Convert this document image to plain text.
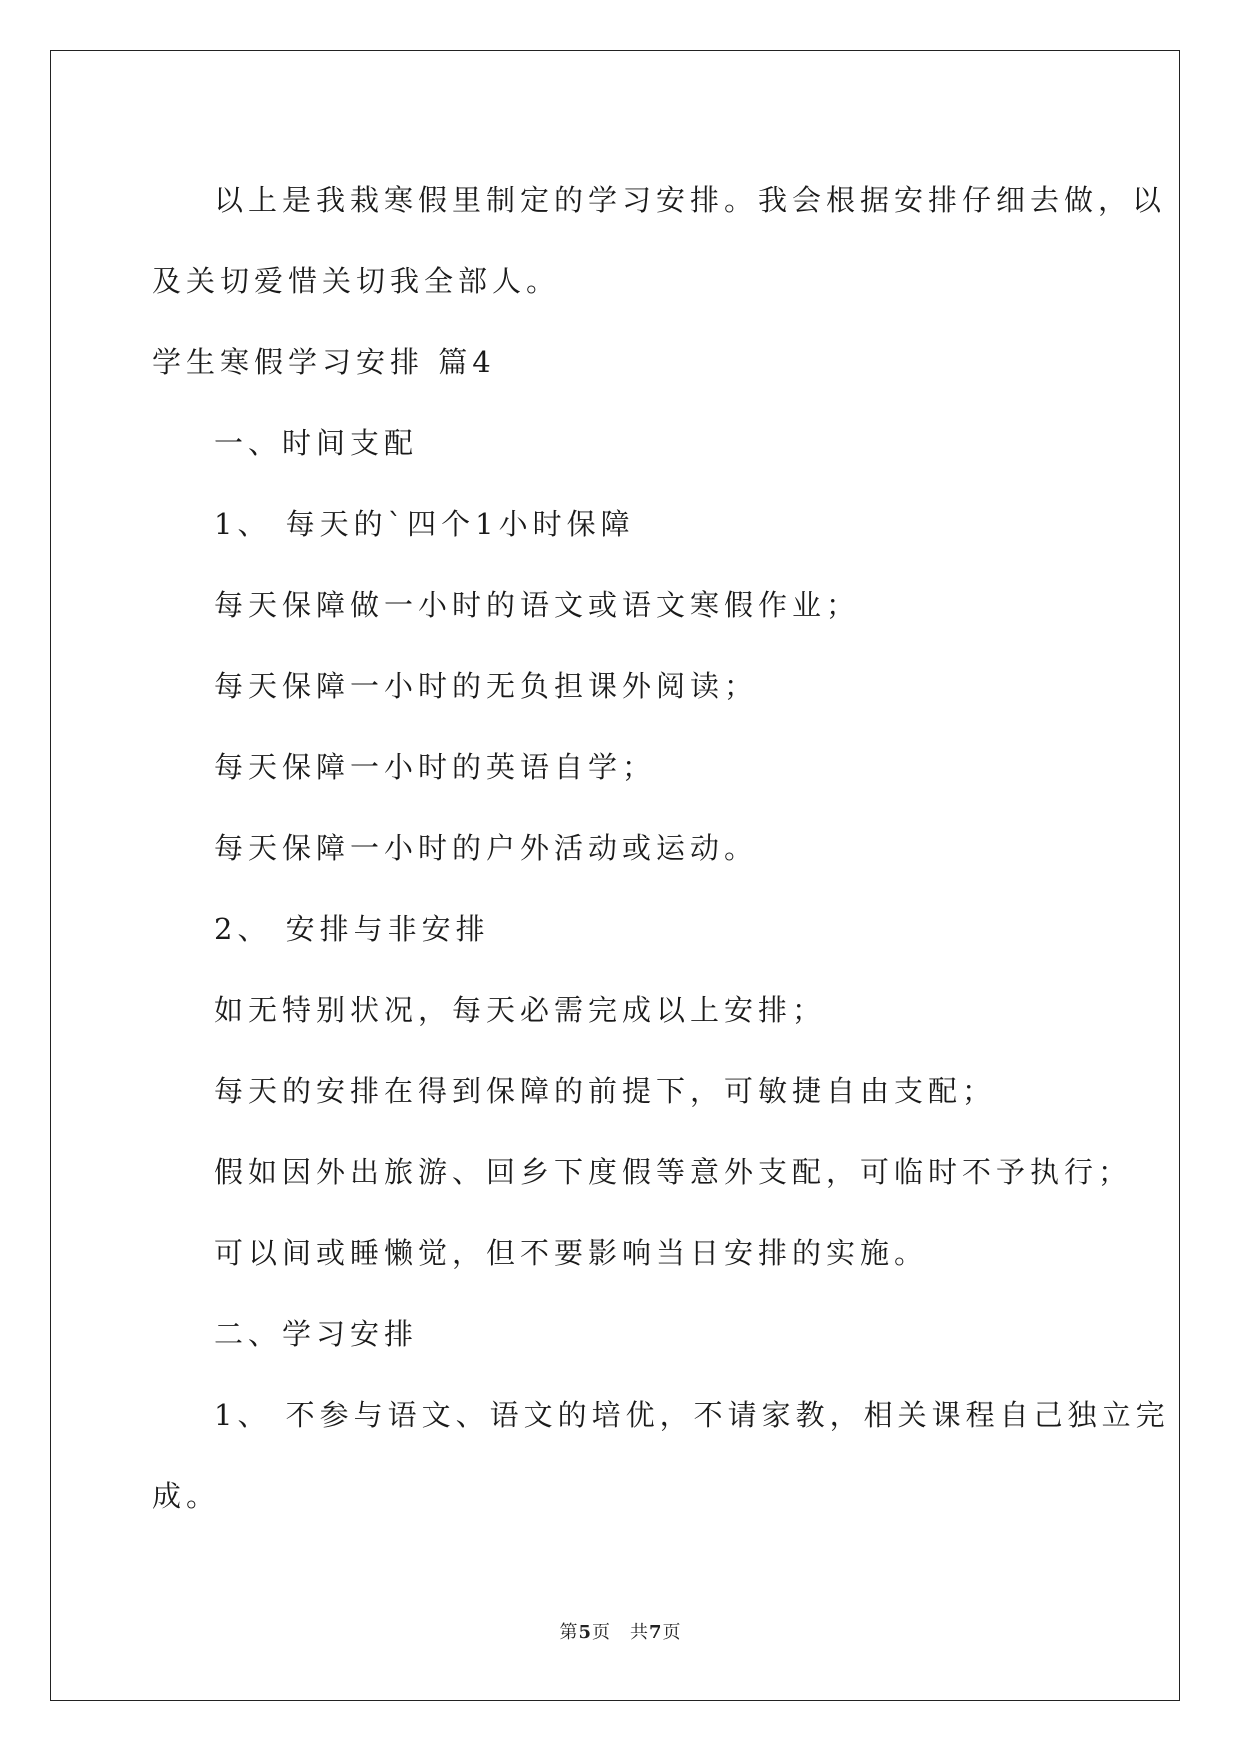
以上是我栽寒假里制定的学习安排。我会根据安排仔细去做，以
及关切爱惜关切我全部人。
学生寒假学习安排 篇4
一、时间支配
1、 每天的`四个1小时保障
每天保障做一小时的语文或语文寒假作业；
每天保障一小时的无负担课外阅读；
每天保障一小时的英语自学；
每天保障一小时的户外活动或运动。
2、 安排与非安排
如无特别状况，每天必需完成以上安排；
每天的安排在得到保障的前提下，可敏捷自由支配；
假如因外出旅游、回乡下度假等意外支配，可临时不予执行；
可以间或睡懒觉，但不要影响当日安排的实施。
二、学习安排
1、 不参与语文、语文的培优，不请家教，相关课程自己独立完
成。
第5页　共7页
